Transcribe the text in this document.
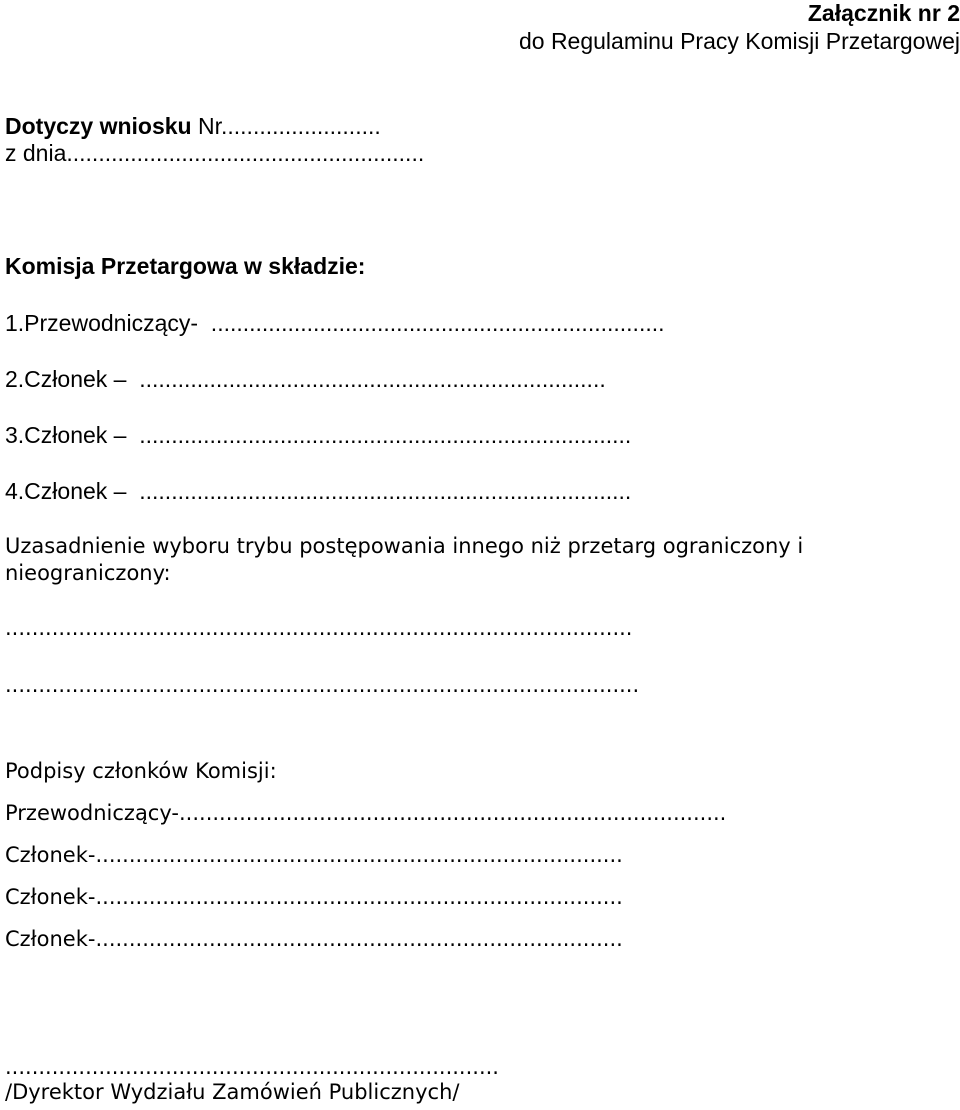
Załącznik nr 2
do Regulaminu Pracy Komisji Przetargowej
Dotyczy wniosku Nr.........................
z dnia........................................................
Komisja Przetargowa w składzie:
1.Przewodniczący-  .......................................................................
2.Członek –  .........................................................................
3.Członek –  .............................................................................
4.Członek –  .............................................................................
Uzasadnienie wyboru trybu postępowania innego niż przetarg ograniczony i
nieograniczony:
..............................................................................................
...............................................................................................
Podpisy członków Komisji:
Przewodniczący-..................................................................................
Członek-...............................................................................
Członek-...............................................................................
Członek-...............................................................................
..........................................................................
/Dyrektor Wydziału Zamówień Publicznych/
